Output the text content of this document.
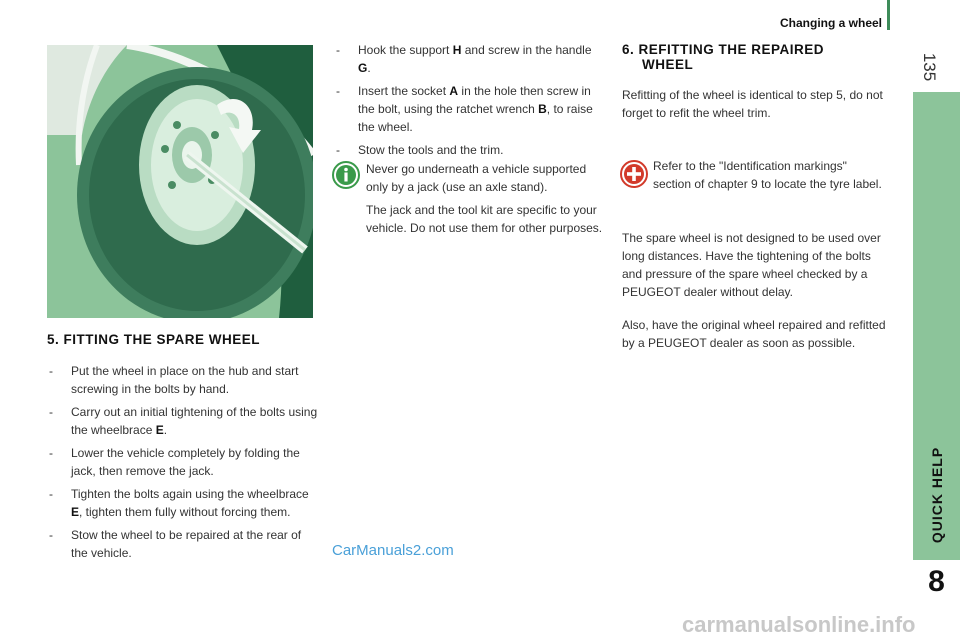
Changing a wheel
135
QUICK HELP
8
5. FITTING THE SPARE WHEEL
- Put the wheel in place on the hub and start screwing in the bolts by hand.
- Carry out an initial tightening of the bolts using the wheelbrace E.
- Lower the vehicle completely by folding the jack, then remove the jack.
- Tighten the bolts again using the wheelbrace E, tighten them fully without forcing them.
- Stow the wheel to be repaired at the rear of the vehicle.
- Hook the support H and screw in the handle G.
- Insert the socket A in the hole then screw in the bolt, using the ratchet wrench B, to raise the wheel.
- Stow the tools and the trim.

Never go underneath a vehicle supported only by a jack (use an axle stand).

The jack and the tool kit are specific to your vehicle. Do not use them for other purposes.

6. REFITTING THE REPAIRED
WHEEL
Refitting of the wheel is identical to step 5, do not forget to refit the wheel trim.
Refer to the "Identification markings" section of chapter 9 to locate the tyre label.
The spare wheel is not designed to be used over long distances. Have the tightening of the bolts and pressure of the spare wheel checked by a PEUGEOT dealer without delay.
Also, have the original wheel repaired and refitted by a PEUGEOT dealer as soon as possible.
CarManuals2.com
carmanualsonline.info
